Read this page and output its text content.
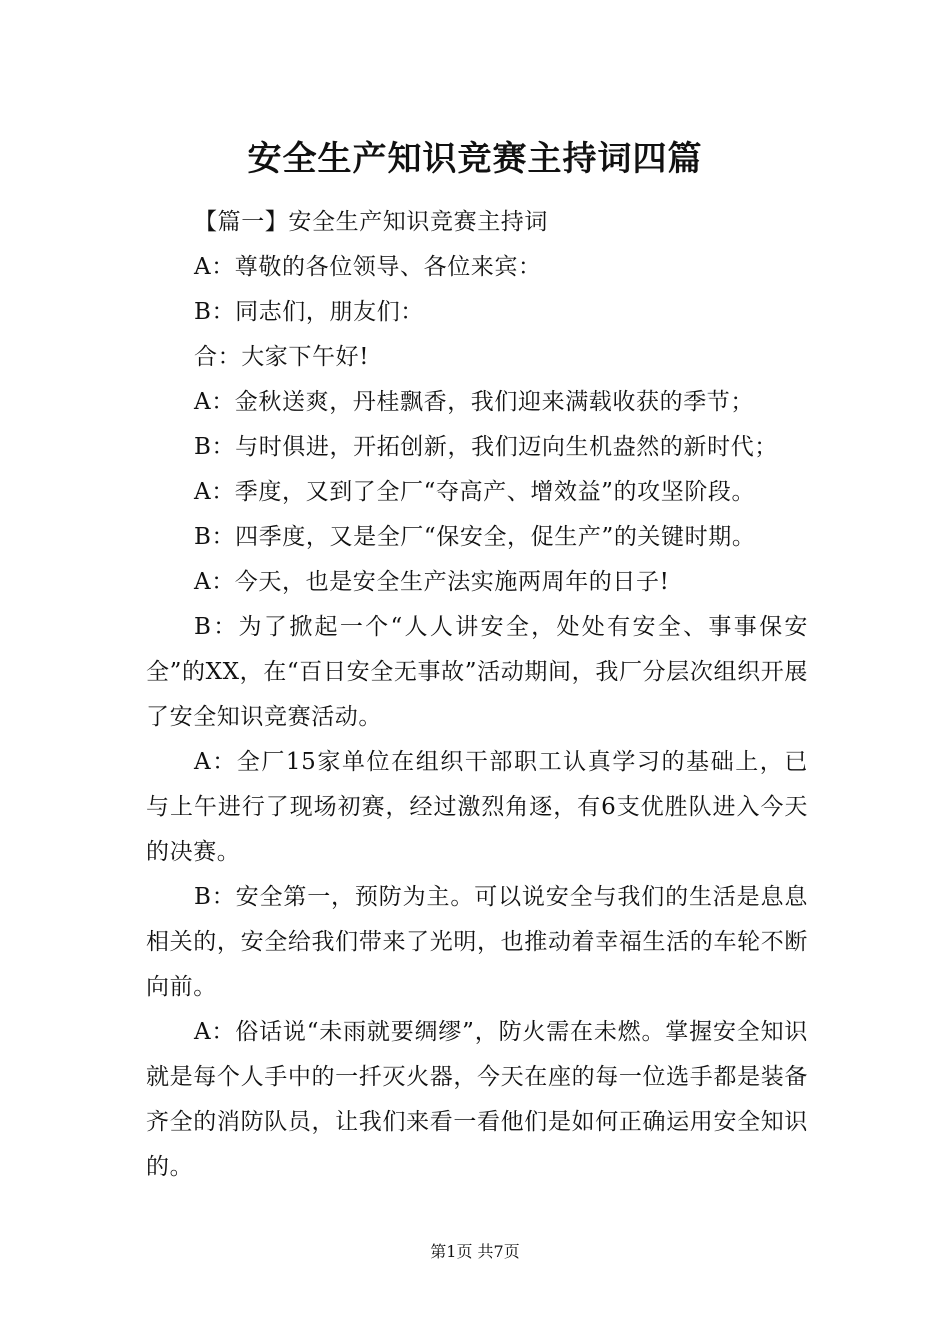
安全生产知识竞赛主持词四篇

【篇一】安全生产知识竞赛主持词

A：尊敬的各位领导、各位来宾：

B：同志们，朋友们：

合：大家下午好!

A：金秋送爽，丹桂飘香，我们迎来满载收获的季节；

B：与时俱进，开拓创新，我们迈向生机盎然的新时代；

A：季度，又到了全厂“夺高产、增效益”的攻坚阶段。

B：四季度，又是全厂“保安全，促生产”的关键时期。

A：今天，也是安全生产法实施两周年的日子!

B：为了掀起一个“人人讲安全，处处有安全、事事保安全”的XX，在“百日安全无事故”活动期间，我厂分层次组织开展了安全知识竞赛活动。

A：全厂15家单位在组织干部职工认真学习的基础上，已与上午进行了现场初赛，经过激烈角逐，有6支优胜队进入今天的决赛。

B：安全第一，预防为主。可以说安全与我们的生活是息息相关的，安全给我们带来了光明，也推动着幸福生活的车轮不断向前。

A：俗话说“未雨就要绸缪”，防火需在未燃。掌握安全知识就是每个人手中的一扦灭火器，今天在座的每一位选手都是装备齐全的消防队员，让我们来看一看他们是如何正确运用安全知识的。

第1页 共7页
